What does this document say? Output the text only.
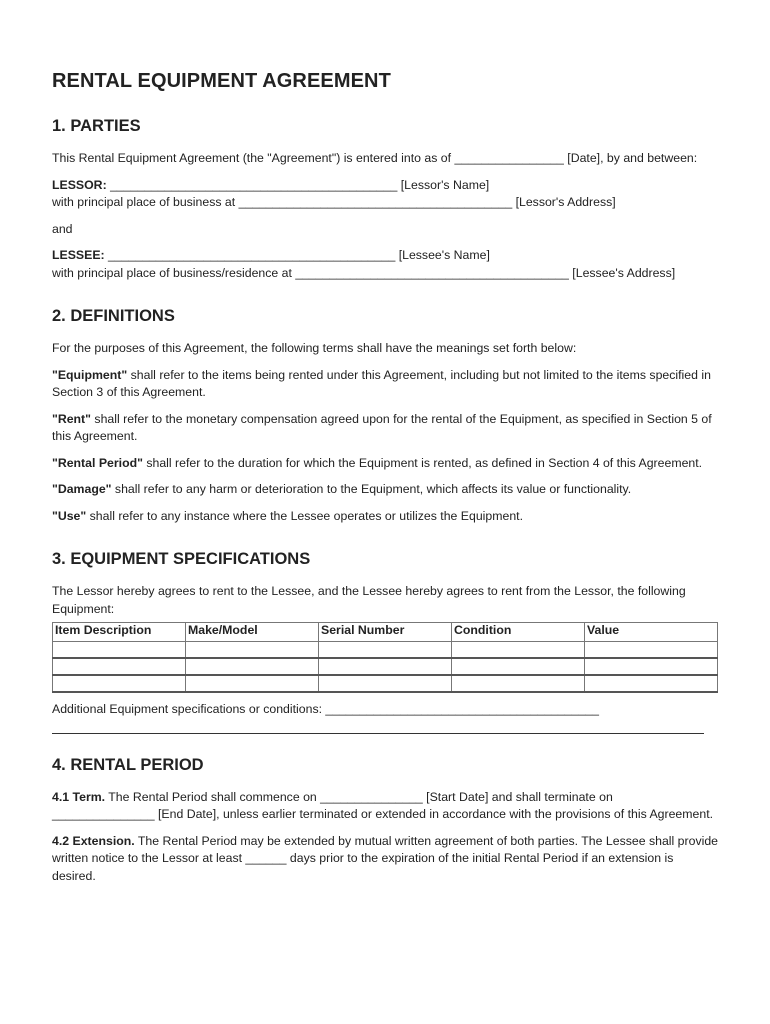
RENTAL EQUIPMENT AGREEMENT
1. PARTIES

This Rental Equipment Agreement (the "Agreement") is entered into as of ________________ [Date], by and between:

LESSOR: __________________________________________ [Lessor's Name]
with principal place of business at ________________________________________ [Lessor's Address]

and

LESSEE: __________________________________________ [Lessee's Name]
with principal place of business/residence at ________________________________________ [Lessee's Address]

2. DEFINITIONS

For the purposes of this Agreement, the following terms shall have the meanings set forth below:

"Equipment" shall refer to the items being rented under this Agreement, including but not limited to the items specified in Section 3 of this Agreement.

"Rent" shall refer to the monetary compensation agreed upon for the rental of the Equipment, as specified in Section 5 of this Agreement.

"Rental Period" shall refer to the duration for which the Equipment is rented, as defined in Section 4 of this Agreement.

"Damage" shall refer to any harm or deterioration to the Equipment, which affects its value or functionality.

"Use" shall refer to any instance where the Lessee operates or utilizes the Equipment.

3. EQUIPMENT SPECIFICATIONS

The Lessor hereby agrees to rent to the Lessee, and the Lessee hereby agrees to rent from the Lessor, the following Equipment:

Item Description	Make/Model	Serial Number	Condition	Value

Additional Equipment specifications or conditions: ________________________________________

4. RENTAL PERIOD

4.1 Term. The Rental Period shall commence on _______________ [Start Date] and shall terminate on _______________ [End Date], unless earlier terminated or extended in accordance with the provisions of this Agreement.

4.2 Extension. The Rental Period may be extended by mutual written agreement of both parties. The Lessee shall provide written notice to the Lessor at least ______ days prior to the expiration of the initial Rental Period if an extension is desired.
